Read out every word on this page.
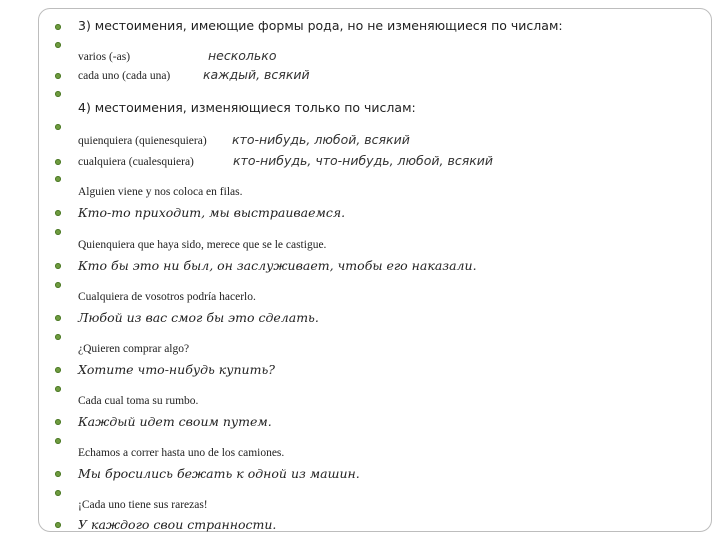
3) местоимения, имеющие формы рода, но не изменяющиеся по числам:
varios (-as)	несколько
cada uno (cada una)	каждый, всякий
4) местоимения, изменяющиеся только по числам:
quienquiera (quienesquiera) кто-нибудь, любой, всякий
cualquiera (cualesquiera)	кто-нибудь, что-нибудь, любой, всякий
Alguien viene y nos coloca en filas.
Кто-то приходит, мы выстраиваемся.
Quienquiera que haya sido, merece que se le castigue.
Кто бы это ни был, он заслуживает, чтобы его наказали.
Cualquiera de vosotros podría hacerlo.
Любой из вас смог бы это сделать.
¿Quieren comprar algo?
Хотите что-нибудь купить?
Cada cual toma su rumbo.
Каждый идет своим путем.
Echamos a correr hasta uno de los camiones.
Мы бросились бежать к одной из машин.
¡Cada uno tiene sus rarezas!
У каждого свои странности.
